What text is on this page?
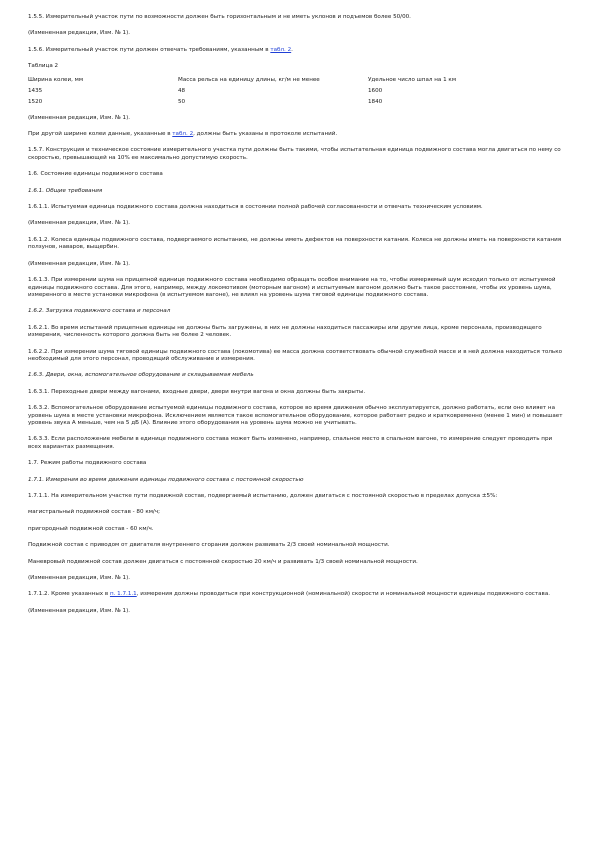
1.5.5. Измерительный участок пути по возможности должен быть горизонтальным и не иметь уклонов и подъемов более 50/00.

(Измененная редакция, Изм. № 1).

1.5.6. Измерительный участок пути должен отвечать требованиям, указанным в табл. 2.

Таблица 2

Ширина колеи, мм	Масса рельса на единицу длины, кг/м не менее	Удельное число шпал на 1 км
1435	48	1600
1520	50	1840

(Измененная редакция, Изм. № 1).

При другой ширине колеи данные, указанные в табл. 2, должны быть указаны в протоколе испытаний.

1.5.7. Конструкция и техническое состояние измерительного участка пути должны быть такими, чтобы испытательная единица подвижного состава могла двигаться по нему со скоростью, превышающей на 10% ее максимально допустимую скорость.

1.6. Состояние единицы подвижного состава

1.6.1. Общие требования

1.6.1.1. Испытуемая единица подвижного состава должна находиться в состоянии полной рабочей согласованности и отвечать техническим условиям.

(Измененная редакция, Изм. № 1).

1.6.1.2. Колеса единицы подвижного состава, подвергаемого испытанию, не должны иметь дефектов на поверхности катания. Колеса не должны иметь на поверхности катания ползунов, наваров, выщербин.

(Измененная редакция, Изм. № 1).

1.6.1.3. При измерении шума на прицепной единице подвижного состава необходимо обращать особое внимание на то, чтобы измеряемый шум исходил только от испытуемой единицы подвижного состава. Для этого, например, между локомотивом (моторным вагоном) и испытуемым вагоном должно быть такое расстояние, чтобы их уровень шума, измеренного в месте установки микрофона (в испытуемом вагоне), не влиял на уровень шума тяговой единицы подвижного состава.

1.6.2. Загрузка подвижного состава и персонал

1.6.2.1. Во время испытаний прицепные единицы не должны быть загружены, в них не должны находиться пассажиры или другие лица, кроме персонала, производящего измерения, численность которого должна быть не более 2 человек.

1.6.2.2. При измерении шума тяговой единицы подвижного состава (локомотива) ее масса должна соответствовать обычной служебной массе и в ней должна находиться только необходимый для этого персонал, проводящий обслуживание и измерения.

1.6.3. Двери, окна, вспомогательное оборудование и складываемая мебель

1.6.3.1. Переходные двери между вагонами, входные двери, двери внутри вагона и окна должны быть закрыты.

1.6.3.2. Вспомогательное оборудование испытуемой единицы подвижного состава, которое во время движения обычно эксплуатируется, должно работать, если оно влияет на уровень шума в месте установки микрофона. Исключением является такое вспомогательное оборудование, которое работает редко и кратковременно (менее 1 мин) и повышает уровень звука А меньше, чем на 5 дБ (А). Влияние этого оборудования на уровень шума можно не учитывать.

1.6.3.3. Если расположение мебели в единице подвижного состава может быть изменено, например, спальное место в спальном вагоне, то измерение следует проводить при всех вариантах размещения.

1.7. Режим работы подвижного состава

1.7.1. Измерения во время движения единицы подвижного состава с постоянной скоростью

1.7.1.1. На измерительном участке пути подвижной состав, подвергаемый испытанию, должен двигаться с постоянной скоростью в пределах допуска ±5%:

магистральный подвижной состав - 80 км/ч;

пригородный подвижной состав - 60 км/ч.

Подвижной состав с приводом от двигателя внутреннего сгорания должен развивать 2/3 своей номинальной мощности.

Маневровый подвижной состав должен двигаться с постоянной скоростью 20 км/ч и развивать 1/3 своей номинальной мощности.

(Измененная редакция, Изм. № 1).

1.7.1.2. Кроме указанных в п. 1.7.1.1, измерения должны проводиться при конструкционной (номинальной) скорости и номинальной мощности единицы подвижного состава.

(Измененная редакция, Изм. № 1).
